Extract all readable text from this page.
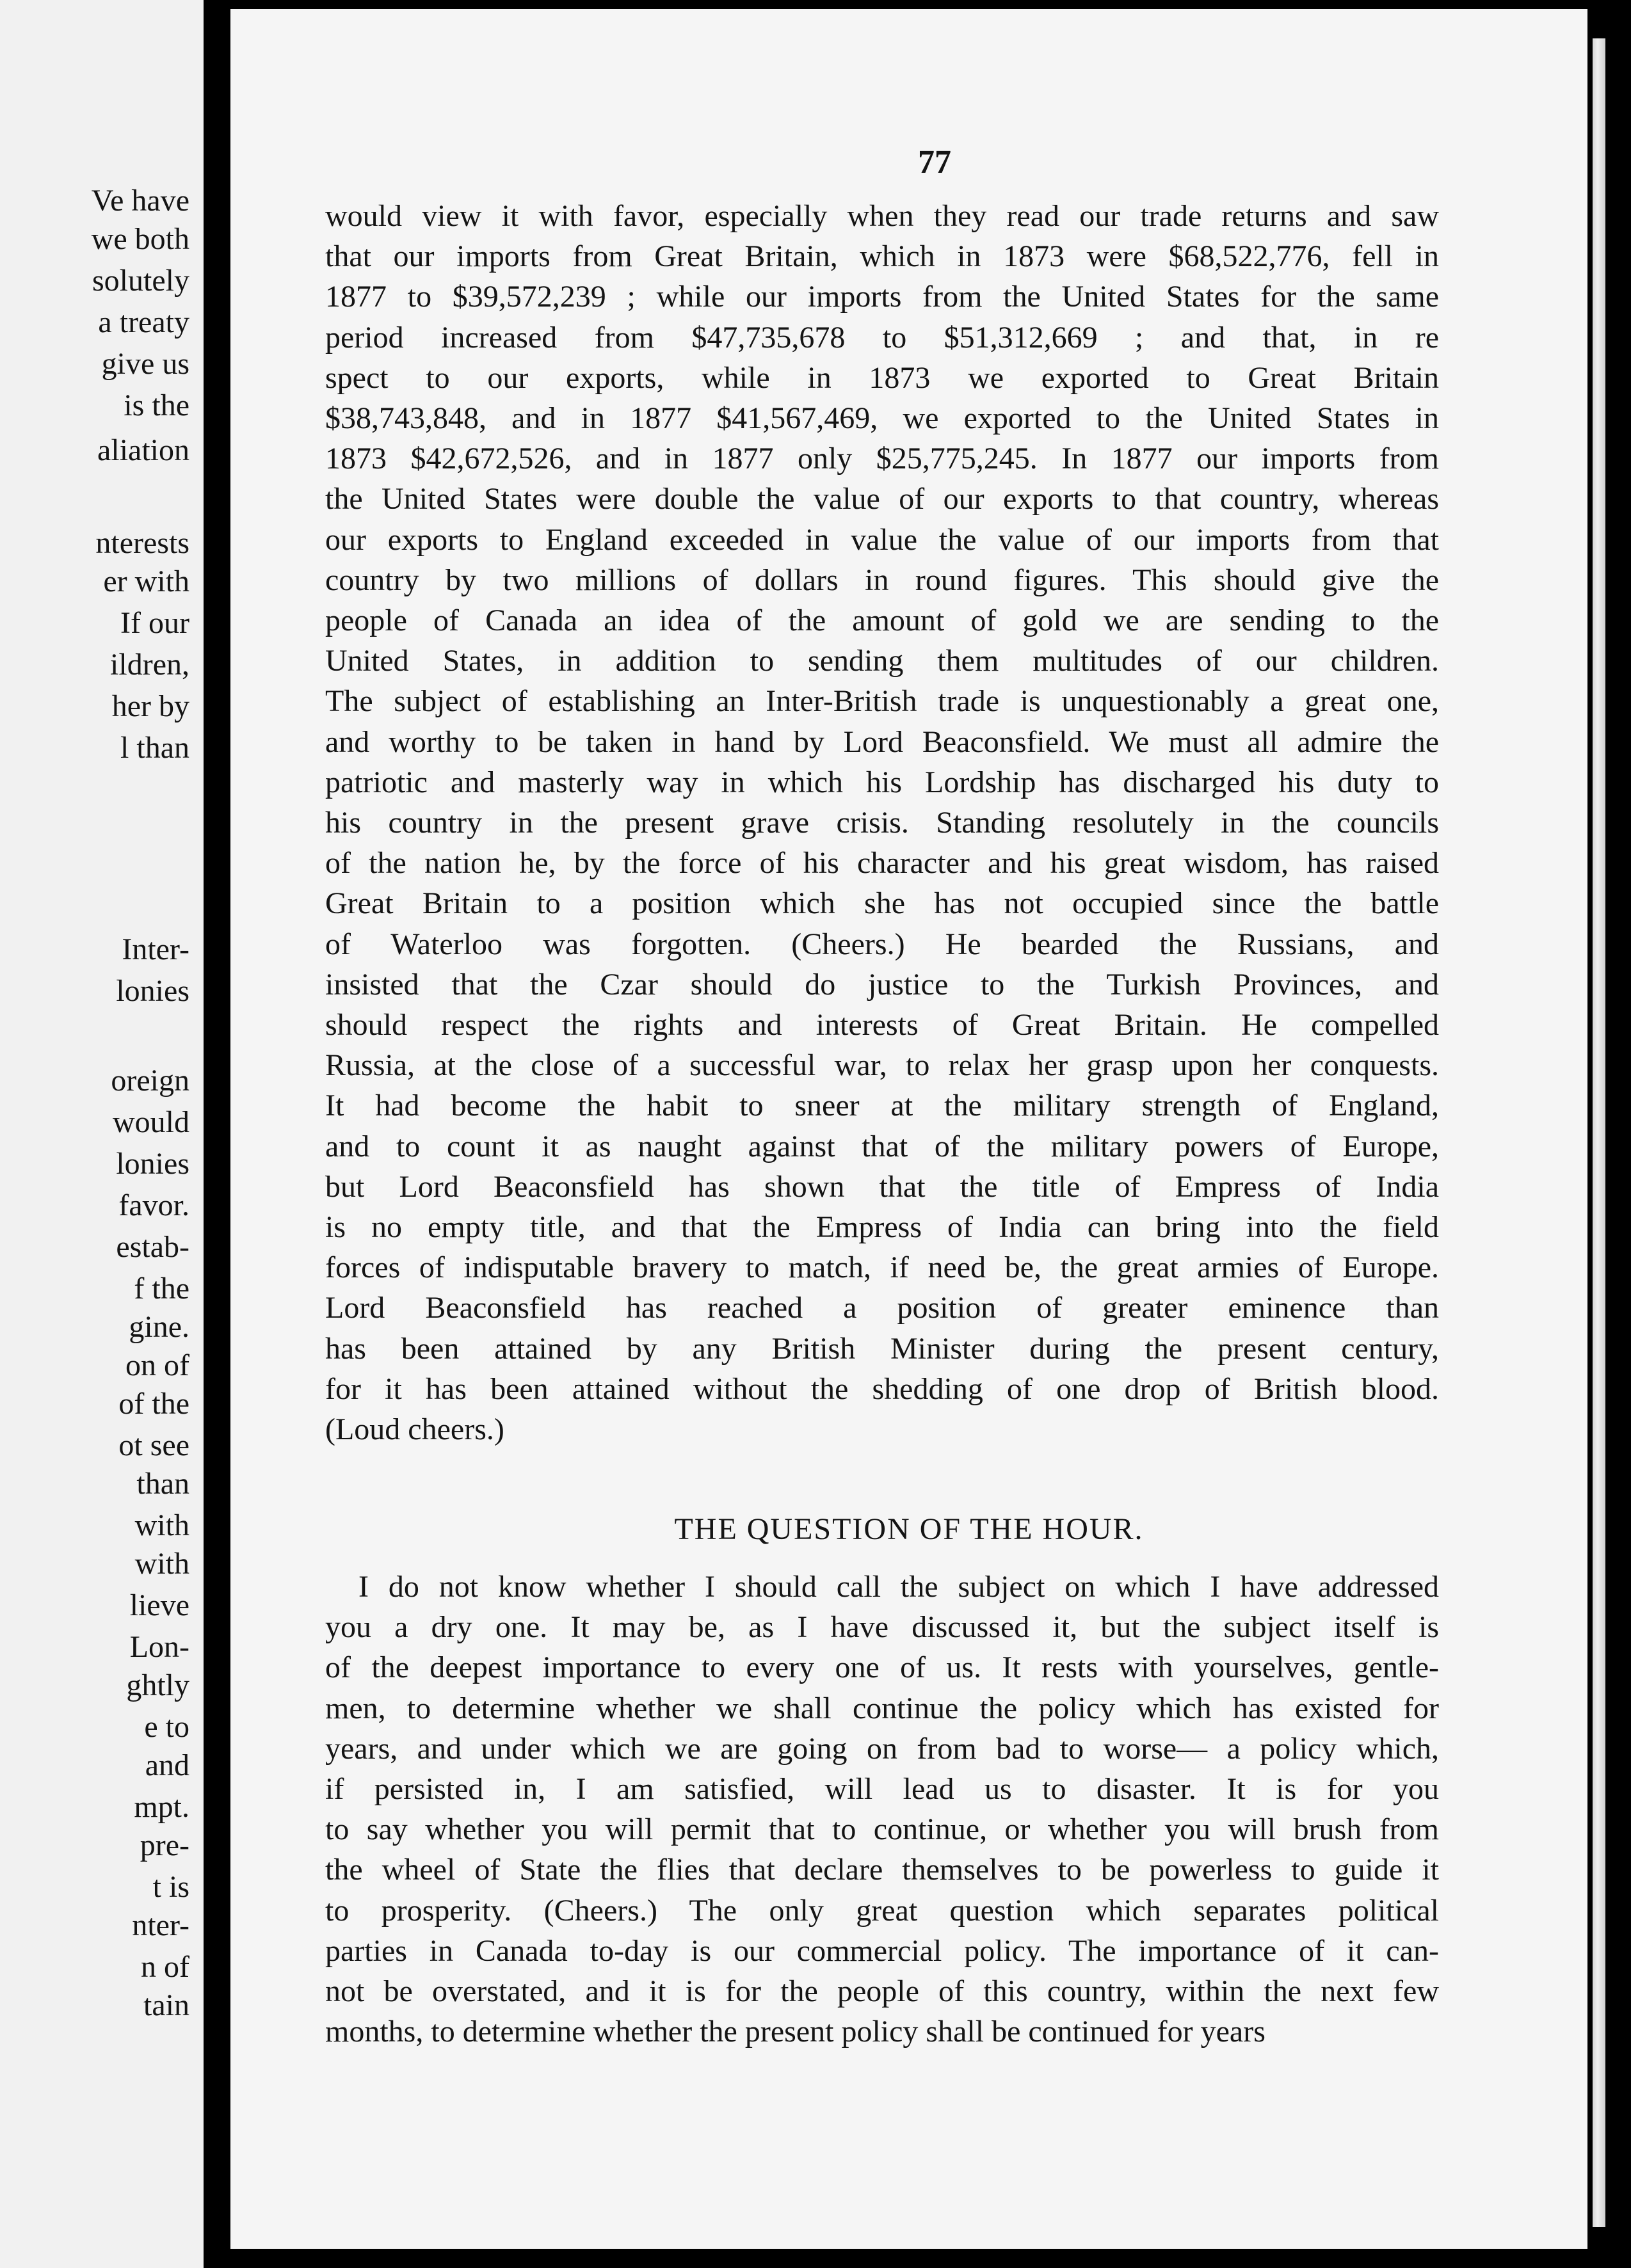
Ve have
we both
solutely
a treaty
give us
is the
aliation
nterests
er with
If our
ildren,
her by
l than
Inter-
lonies
oreign
would
lonies
favor.
estab-
f the
gine.
on of
of the
ot see
than
with
with
lieve
Lon-
ghtly
e to
and
mpt.
pre-
t is
nter-
n of
tain
77
would view it with favor, especially when they read our trade returns and saw
that our imports from Great Britain, which in 1873 were $68,522,776, fell in
1877 to $39,572,239 ; while our imports from the United States for the same
period increased from $47,735,678 to $51,312,669 ; and that, in re
spect to our exports, while in 1873 we exported to Great Britain
$38,743,848, and in 1877 $41,567,469, we exported to the United States in
1873 $42,672,526, and in 1877 only $25,775,245. In 1877 our imports from
the United States were double the value of our exports to that country, whereas
our exports to England exceeded in value the value of our imports from that
country by two millions of dollars in round figures. This should give the
people of Canada an idea of the amount of gold we are sending to the
United States, in addition to sending them multitudes of our children.
The subject of establishing an Inter-British trade is unquestionably a great one,
and worthy to be taken in hand by Lord Beaconsfield. We must all admire the
patriotic and masterly way in which his Lordship has discharged his duty to
his country in the present grave crisis. Standing resolutely in the councils
of the nation he, by the force of his character and his great wisdom, has raised
Great Britain to a position which she has not occupied since the battle
of Waterloo was forgotten. (Cheers.) He bearded the Russians, and
insisted that the Czar should do justice to the Turkish Provinces, and
should respect the rights and interests of Great Britain. He compelled
Russia, at the close of a successful war, to relax her grasp upon her conquests.
It had become the habit to sneer at the military strength of England,
and to count it as naught against that of the military powers of Europe,
but Lord Beaconsfield has shown that the title of Empress of India
is no empty title, and that the Empress of India can bring into the field
forces of indisputable bravery to match, if need be, the great armies of Europe.
Lord Beaconsfield has reached a position of greater eminence than
has been attained by any British Minister during the present century,
for it has been attained without the shedding of one drop of British blood.
(Loud cheers.)
THE QUESTION OF THE HOUR.
I do not know whether I should call the subject on which I have addressed
you a dry one. It may be, as I have discussed it, but the subject itself is
of the deepest importance to every one of us. It rests with yourselves, gentle-
men, to determine whether we shall continue the policy which has existed for
years, and under which we are going on from bad to worse— a policy which,
if persisted in, I am satisfied, will lead us to disaster. It is for you
to say whether you will permit that to continue, or whether you will brush from
the wheel of State the flies that declare themselves to be powerless to guide it
to prosperity. (Cheers.) The only great question which separates political
parties in Canada to-day is our commercial policy. The importance of it can-
not be overstated, and it is for the people of this country, within the next few
months, to determine whether the present policy shall be continued for years
